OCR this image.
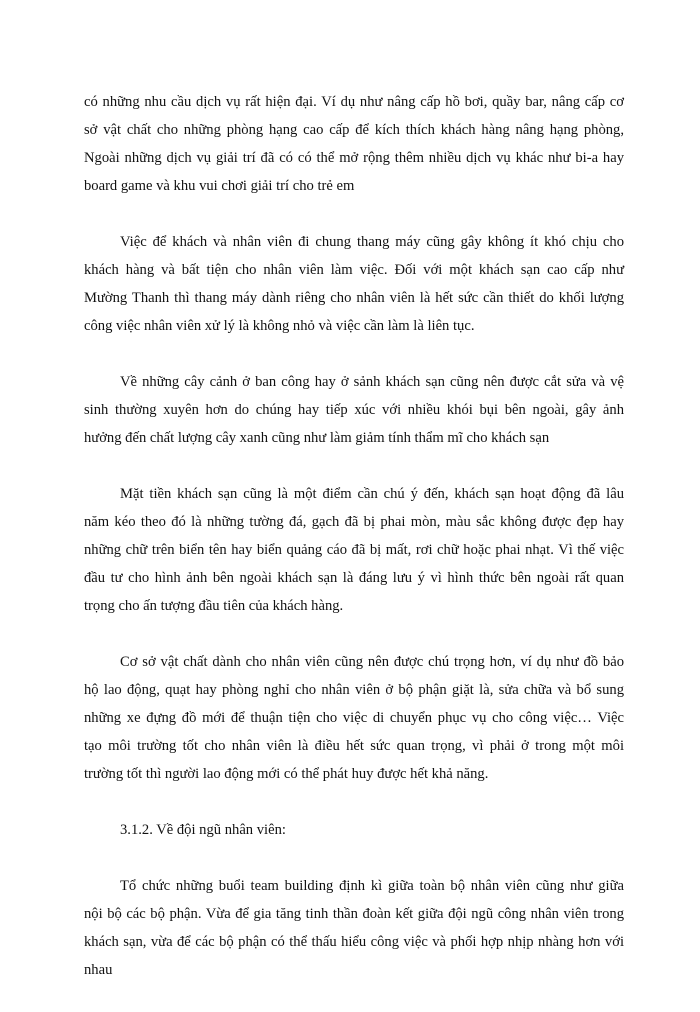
có những nhu cầu dịch vụ rất hiện đại. Ví dụ như nâng cấp hồ bơi, quầy bar, nâng cấp cơ
sở vật chất cho những phòng hạng cao cấp để kích thích khách hàng nâng hạng phòng,
Ngoài những dịch vụ giải trí đã có có thể mở rộng thêm nhiều dịch vụ khác như bi-a hay
board game và khu vui chơi giải trí cho trẻ em
Việc để khách và nhân viên đi chung thang máy cũng gây không ít khó chịu cho
khách hàng và bất tiện cho nhân viên làm việc. Đối với một khách sạn cao cấp như
Mường Thanh thì thang máy dành riêng cho nhân viên là hết sức cần thiết do khối lượng
công việc nhân viên xử lý là không nhỏ và việc cần làm là liên tục.
Về những cây cảnh ở ban công hay ở sảnh khách sạn cũng nên được cắt sửa và vệ
sinh thường xuyên hơn do chúng hay tiếp xúc với nhiều khói bụi bên ngoài, gây ảnh
hưởng đến chất lượng cây xanh cũng như làm giảm tính thẩm mĩ cho khách sạn
Mặt tiền khách sạn cũng là một điểm cần chú ý đến, khách sạn hoạt động đã lâu
năm kéo theo đó là những tường đá, gạch đã bị phai mòn, màu sắc không được đẹp hay
những chữ trên biển tên hay biển quảng cáo đã bị mất, rơi chữ hoặc phai nhạt. Vì thế việc
đầu tư cho hình ảnh bên ngoài khách sạn là đáng lưu ý vì hình thức bên ngoài rất quan
trọng cho ấn tượng đầu tiên của khách hàng.
Cơ sở vật chất dành cho nhân viên cũng nên được chú trọng hơn, ví dụ như đồ bảo
hộ lao động, quạt hay phòng nghỉ cho nhân viên ở bộ phận giặt là, sửa chữa và bổ sung
những xe đựng đồ mới để thuận tiện cho việc di chuyển phục vụ cho công việc… Việc
tạo môi trường tốt cho nhân viên là điều hết sức quan trọng, vì phải ở trong một môi
trường tốt thì người lao động mới có thể phát huy được hết khả năng.
3.1.2. Về đội ngũ nhân viên:
Tổ chức những buổi team building định kì giữa toàn bộ nhân viên cũng như giữa
nội bộ các bộ phận. Vừa để gia tăng tinh thần đoàn kết giữa đội ngũ công nhân viên trong
khách sạn, vừa để các bộ phận có thể thấu hiểu công việc và phối hợp nhịp nhàng hơn với
nhau
